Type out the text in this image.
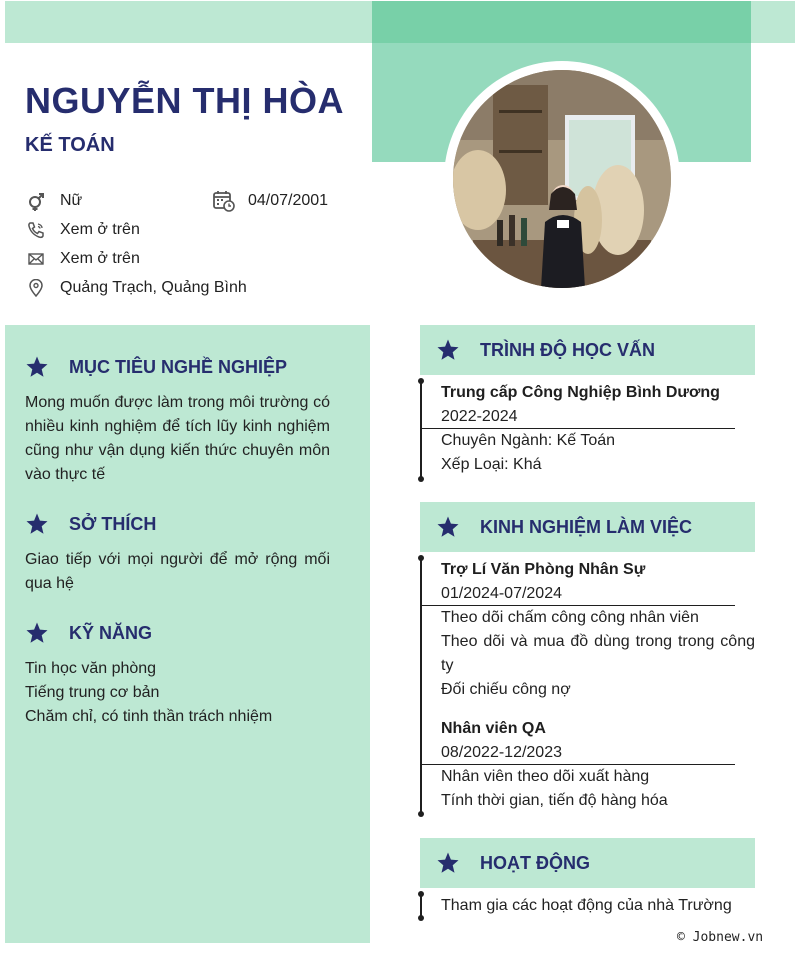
NGUYỄN THỊ HÒA
KẾ TOÁN
Nữ	04/07/2001
Xem ở trên
Xem ở trên
Quảng Trạch, Quảng Bình
MỤC TIÊU NGHỀ NGHIỆP
Mong muốn được làm trong môi trường có nhiều kinh nghiệm để tích lũy kinh nghiệm cũng như vận dụng kiến thức chuyên môn vào thực tế
SỞ THÍCH
Giao tiếp với mọi người để mở rộng mối qua hệ
KỸ NĂNG
Tin học văn phòng
Tiếng trung cơ bản
Chăm chỉ, có tinh thần trách nhiệm
TRÌNH ĐỘ HỌC VẤN
Trung cấp Công Nghiệp Bình Dương
2022-2024
Chuyên Ngành: Kế Toán
Xếp Loại: Khá
KINH NGHIỆM LÀM VIỆC
Trợ Lí Văn Phòng Nhân Sự
01/2024-07/2024
Theo dõi chấm công công nhân viên
Theo dõi và mua đồ dùng trong trong công ty
Đối chiếu công nợ
Nhân viên QA
08/2022-12/2023
Nhân viên theo dõi xuất hàng
Tính thời gian, tiến độ hàng hóa
HOẠT ĐỘNG
Tham gia các hoạt động của nhà Trường
© Jobnew.vn
